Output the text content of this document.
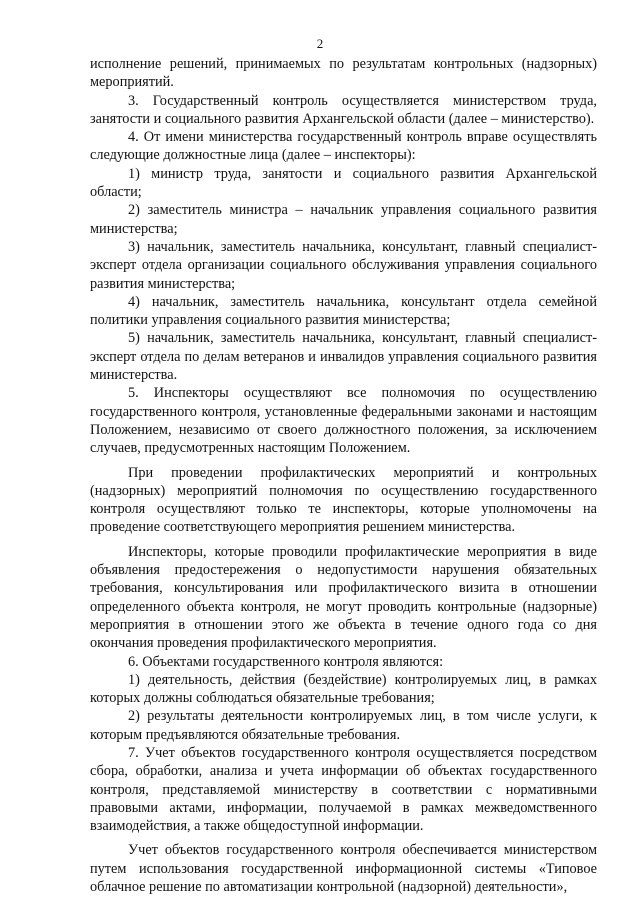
2

исполнение решений, принимаемых по результатам контрольных (надзорных) мероприятий.

3. Государственный контроль осуществляется министерством труда, занятости и социального развития Архангельской области (далее – министерство).

4. От имени министерства государственный контроль вправе осуществлять следующие должностные лица (далее – инспекторы):

1) министр труда, занятости и социального развития Архангельской области;

2) заместитель министра – начальник управления социального развития министерства;

3) начальник, заместитель начальника, консультант, главный специалист-эксперт отдела организации социального обслуживания управления социального развития министерства;

4) начальник, заместитель начальника, консультант отдела семейной политики управления социального развития министерства;

5) начальник, заместитель начальника, консультант, главный специалист-эксперт отдела по делам ветеранов и инвалидов управления социального развития министерства.

5. Инспекторы осуществляют все полномочия по осуществлению государственного контроля, установленные федеральными законами и настоящим Положением, независимо от своего должностного положения, за исключением случаев, предусмотренных настоящим Положением.

При проведении профилактических мероприятий и контрольных (надзорных) мероприятий полномочия по осуществлению государственного контроля осуществляют только те инспекторы, которые уполномочены на проведение соответствующего мероприятия решением министерства.

Инспекторы, которые проводили профилактические мероприятия в виде объявления предостережения о недопустимости нарушения обязательных требования, консультирования или профилактического визита в отношении определенного объекта контроля, не могут проводить контрольные (надзорные) мероприятия в отношении этого же объекта в течение одного года со дня окончания проведения профилактического мероприятия.

6. Объектами государственного контроля являются:

1) деятельность, действия (бездействие) контролируемых лиц, в рамках которых должны соблюдаться обязательные требования;

2) результаты деятельности контролируемых лиц, в том числе услуги, к которым предъявляются обязательные требования.

7. Учет объектов государственного контроля осуществляется посредством сбора, обработки, анализа и учета информации об объектах государственного контроля, представляемой министерству в соответствии с нормативными правовыми актами, информации, получаемой в рамках межведомственного взаимодействия, а также общедоступной информации.

Учет объектов государственного контроля обеспечивается министерством путем использования государственной информационной системы «Типовое облачное решение по автоматизации контрольной (надзорной) деятельности»,
